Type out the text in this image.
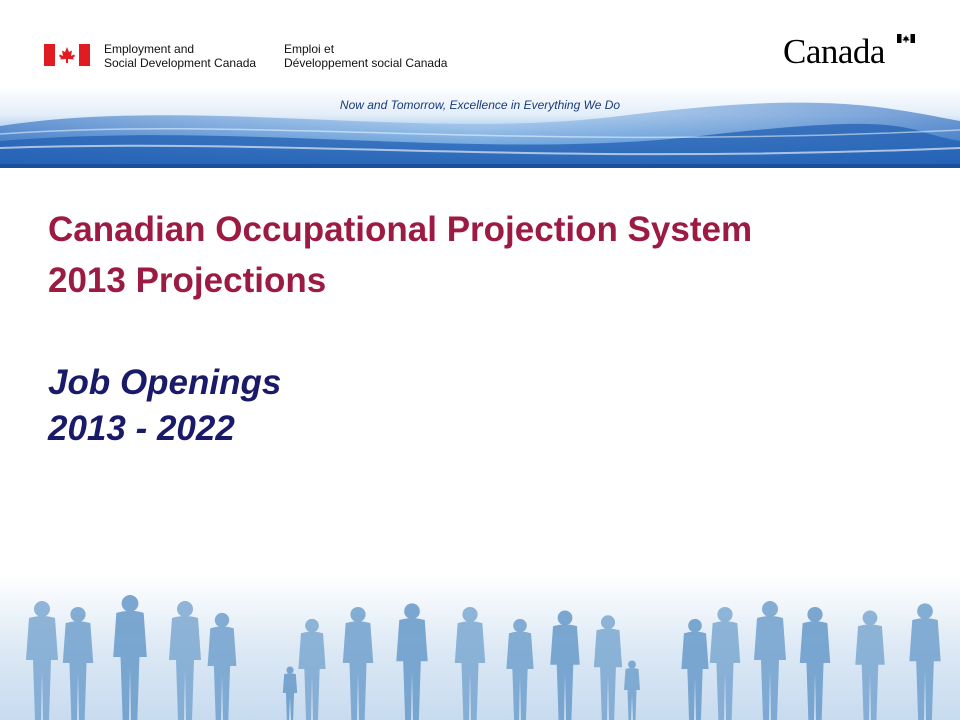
Employment and
Social Development Canada
Emploi et
Développement social Canada	Canada
Now and Tomorrow, Excellence in Everything We Do
Canadian Occupational Projection System
2013 Projections
Job Openings
2013 - 2022
